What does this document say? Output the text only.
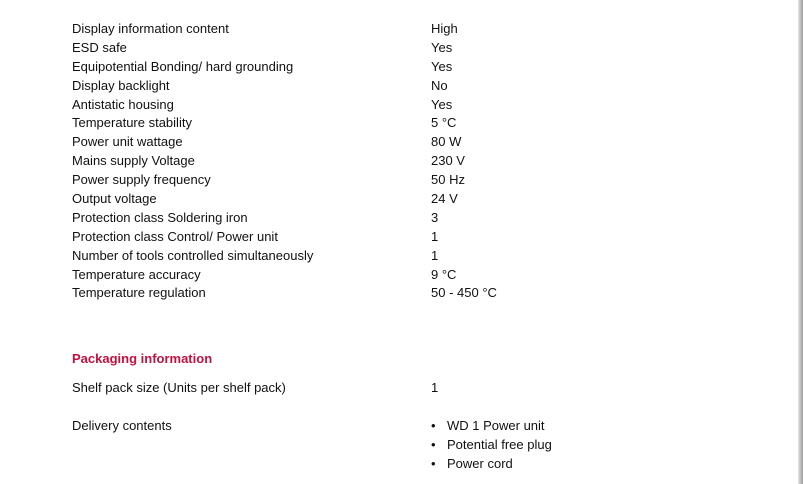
Display information content	High
ESD safe	Yes
Equipotential Bonding/ hard grounding	Yes
Display backlight	No
Antistatic housing	Yes
Temperature stability	5 °C
Power unit wattage	80 W
Mains supply Voltage	230 V
Power supply frequency	50 Hz
Output voltage	24 V
Protection class Soldering iron	3
Protection class Control/ Power unit	1
Number of tools controlled simultaneously	1
Temperature accuracy	9 °C
Temperature regulation	50 - 450 °C
Packaging information
Shelf pack size (Units per shelf pack)	1
Delivery contents	• WD 1 Power unit
• Potential free plug
• Power cord
